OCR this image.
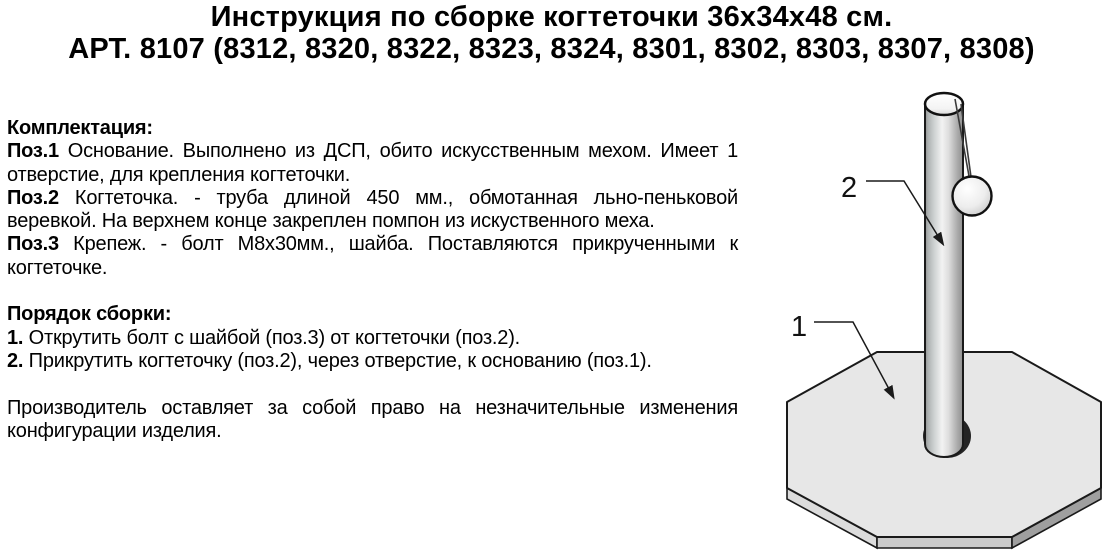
Инструкция по сборке когтеточки 36х34х48 см.
АРТ. 8107 (8312, 8320, 8322, 8323, 8324, 8301, 8302, 8303, 8307, 8308)
Комплектация:
Поз.1 Основание. Выполнено из ДСП, обито искусственным мехом. Имеет 1
отверстие, для крепления когтеточки.
Поз.2 Когтеточка. - труба длиной 450 мм., обмотанная льно-пеньковой
веревкой. На верхнем конце закреплен помпон из искуственного меха.
Поз.3 Крепеж. - болт М8х30мм., шайба. Поставляются прикрученными к
когтеточке.
Порядок сборки:
1. Открутить болт с шайбой (поз.3) от когтеточки (поз.2).
2. Прикрутить когтеточку (поз.2), через отверстие, к основанию (поз.1).
Производитель оставляет за собой право на незначительные изменения
конфигурации изделия.
1
2
